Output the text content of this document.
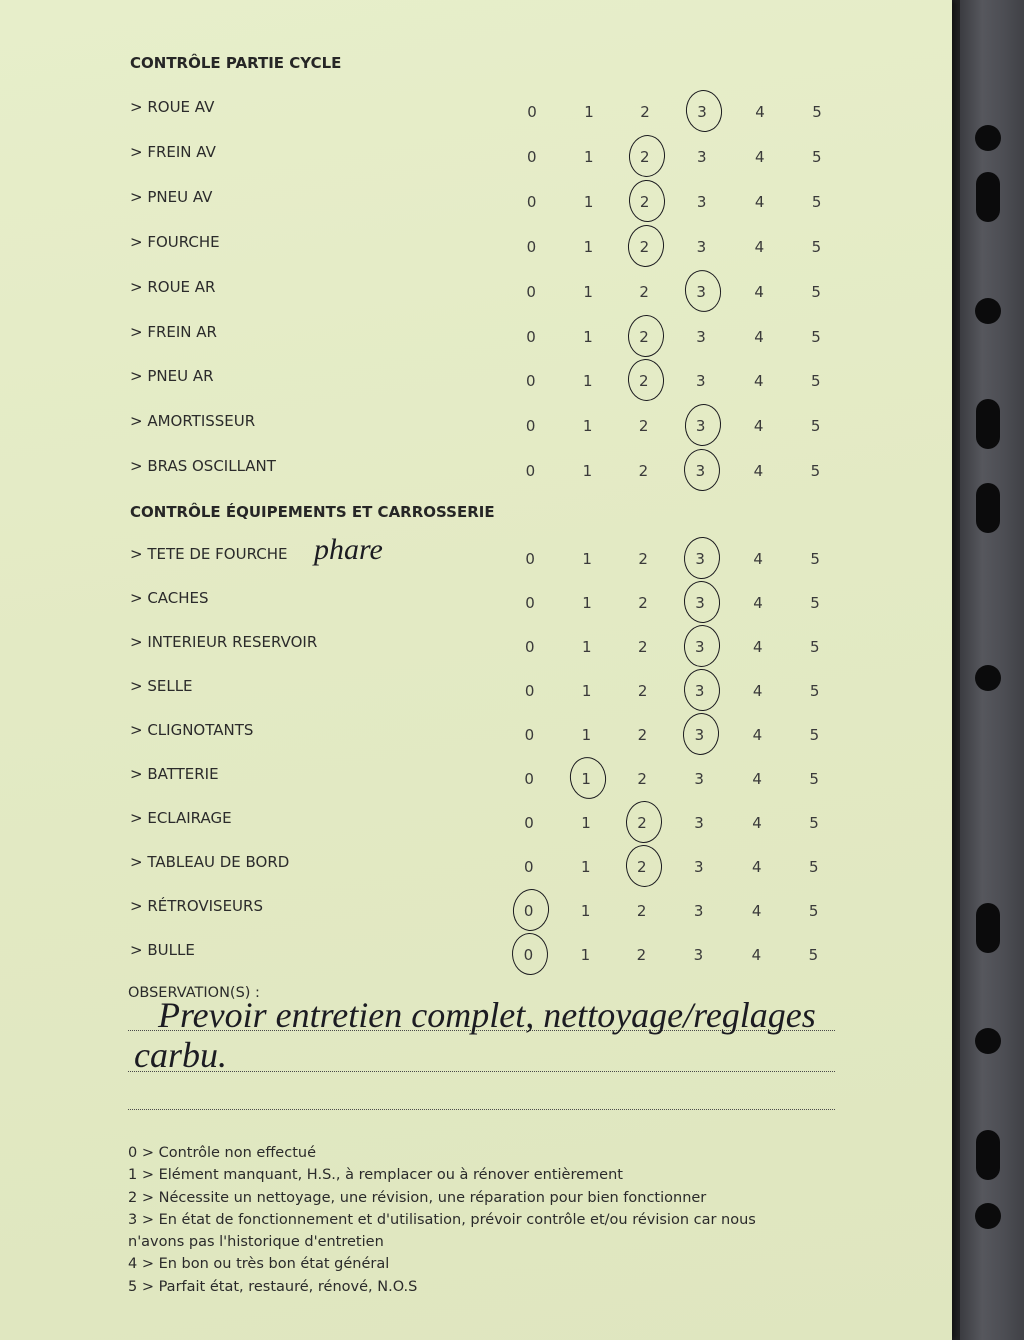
CONTRÔLE PARTIE CYCLE
CONTRÔLE ÉQUIPEMENTS ET CARROSSERIE
> ROUE AV	0	1	2	3	4	5
> FREIN AV	0	1	2	3	4	5
> PNEU AV	0	1	2	3	4	5
> FOURCHE	0	1	2	3	4	5
> ROUE AR	0	1	2	3	4	5
> FREIN AR	0	1	2	3	4	5
> PNEU AR	0	1	2	3	4	5
> AMORTISSEUR	0	1	2	3	4	5
> BRAS OSCILLANT	0	1	2	3	4	5
> TETE DE FOURCHE	0	1	2	3	4	5
> CACHES	0	1	2	3	4	5
> INTERIEUR RESERVOIR	0	1	2	3	4	5
> SELLE	0	1	2	3	4	5
> CLIGNOTANTS	0	1	2	3	4	5
> BATTERIE	0	1	2	3	4	5
> ECLAIRAGE	0	1	2	3	4	5
> TABLEAU DE BORD	0	1	2	3	4	5
> RÉTROVISEURS	0	1	2	3	4	5
> BULLE	0	1	2	3	4	5
phare
OBSERVATION(S) :
Prevoir entretien complet, nettoyage/reglages
carbu.
0 > Contrôle non effectué
1 > Elément manquant, H.S., à remplacer ou à rénover entièrement
2 > Nécessite un nettoyage, une révision, une réparation pour bien fonctionner
3 > En état de fonctionnement et d'utilisation, prévoir contrôle et/ou révision car nous
n'avons pas l'historique d'entretien
4 > En bon ou très bon état général
5 > Parfait état, restauré, rénové, N.O.S
